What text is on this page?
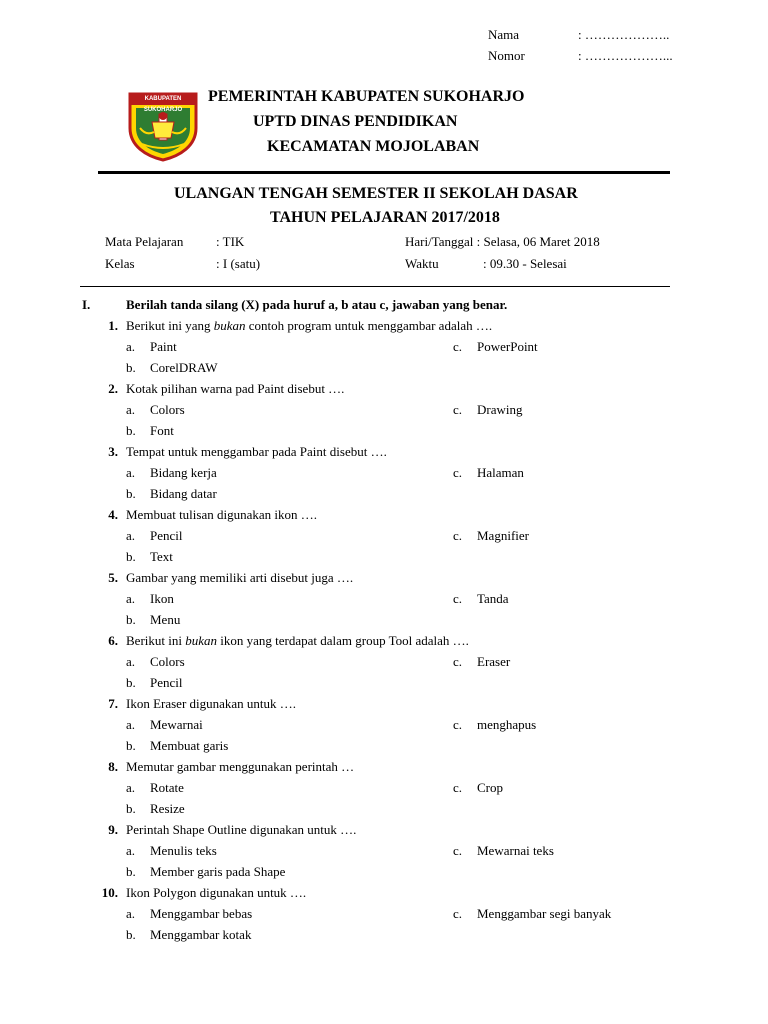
Nama	: ………………..
Nomor	: ………………...
KABUPATEN SUKOHARJO
PEMERINTAH KABUPATEN SUKOHARJO
UPTD DINAS PENDIDIKAN
KECAMATAN MOJOLABAN
ULANGAN TENGAH SEMESTER II SEKOLAH DASAR
TAHUN PELAJARAN 2017/2018
Mata Pelajaran	: TIK	Hari/Tanggal : Selasa, 06 Maret 2018
Kelas	: I (satu)	Waktu	: 09.30 - Selesai
I.	Berilah tanda silang (X) pada huruf a, b atau c, jawaban yang benar.
1. Berikut ini yang bukan contoh program untuk menggambar adalah ….
a. Paint	c. PowerPoint
b. CorelDRAW
2. Kotak pilihan warna pad Paint disebut ….
a. Colors	c. Drawing
b. Font
3. Tempat untuk menggambar pada Paint disebut ….
a. Bidang kerja	c. Halaman
b. Bidang datar
4. Membuat tulisan digunakan ikon ….
a. Pencil	c. Magnifier
b. Text
5. Gambar yang memiliki arti disebut juga ….
a. Ikon	c. Tanda
b. Menu
6. Berikut ini bukan ikon yang terdapat dalam group Tool adalah ….
a. Colors	c. Eraser
b. Pencil
7. Ikon Eraser digunakan untuk ….
a. Mewarnai	c. menghapus
b. Membuat garis
8. Memutar gambar menggunakan perintah …
a. Rotate	c. Crop
b. Resize
9. Perintah Shape Outline digunakan untuk ….
a. Menulis teks	c. Mewarnai teks
b. Member garis pada Shape
10. Ikon Polygon digunakan untuk ….
a. Menggambar bebas	c. Menggambar segi banyak
b. Menggambar kotak
